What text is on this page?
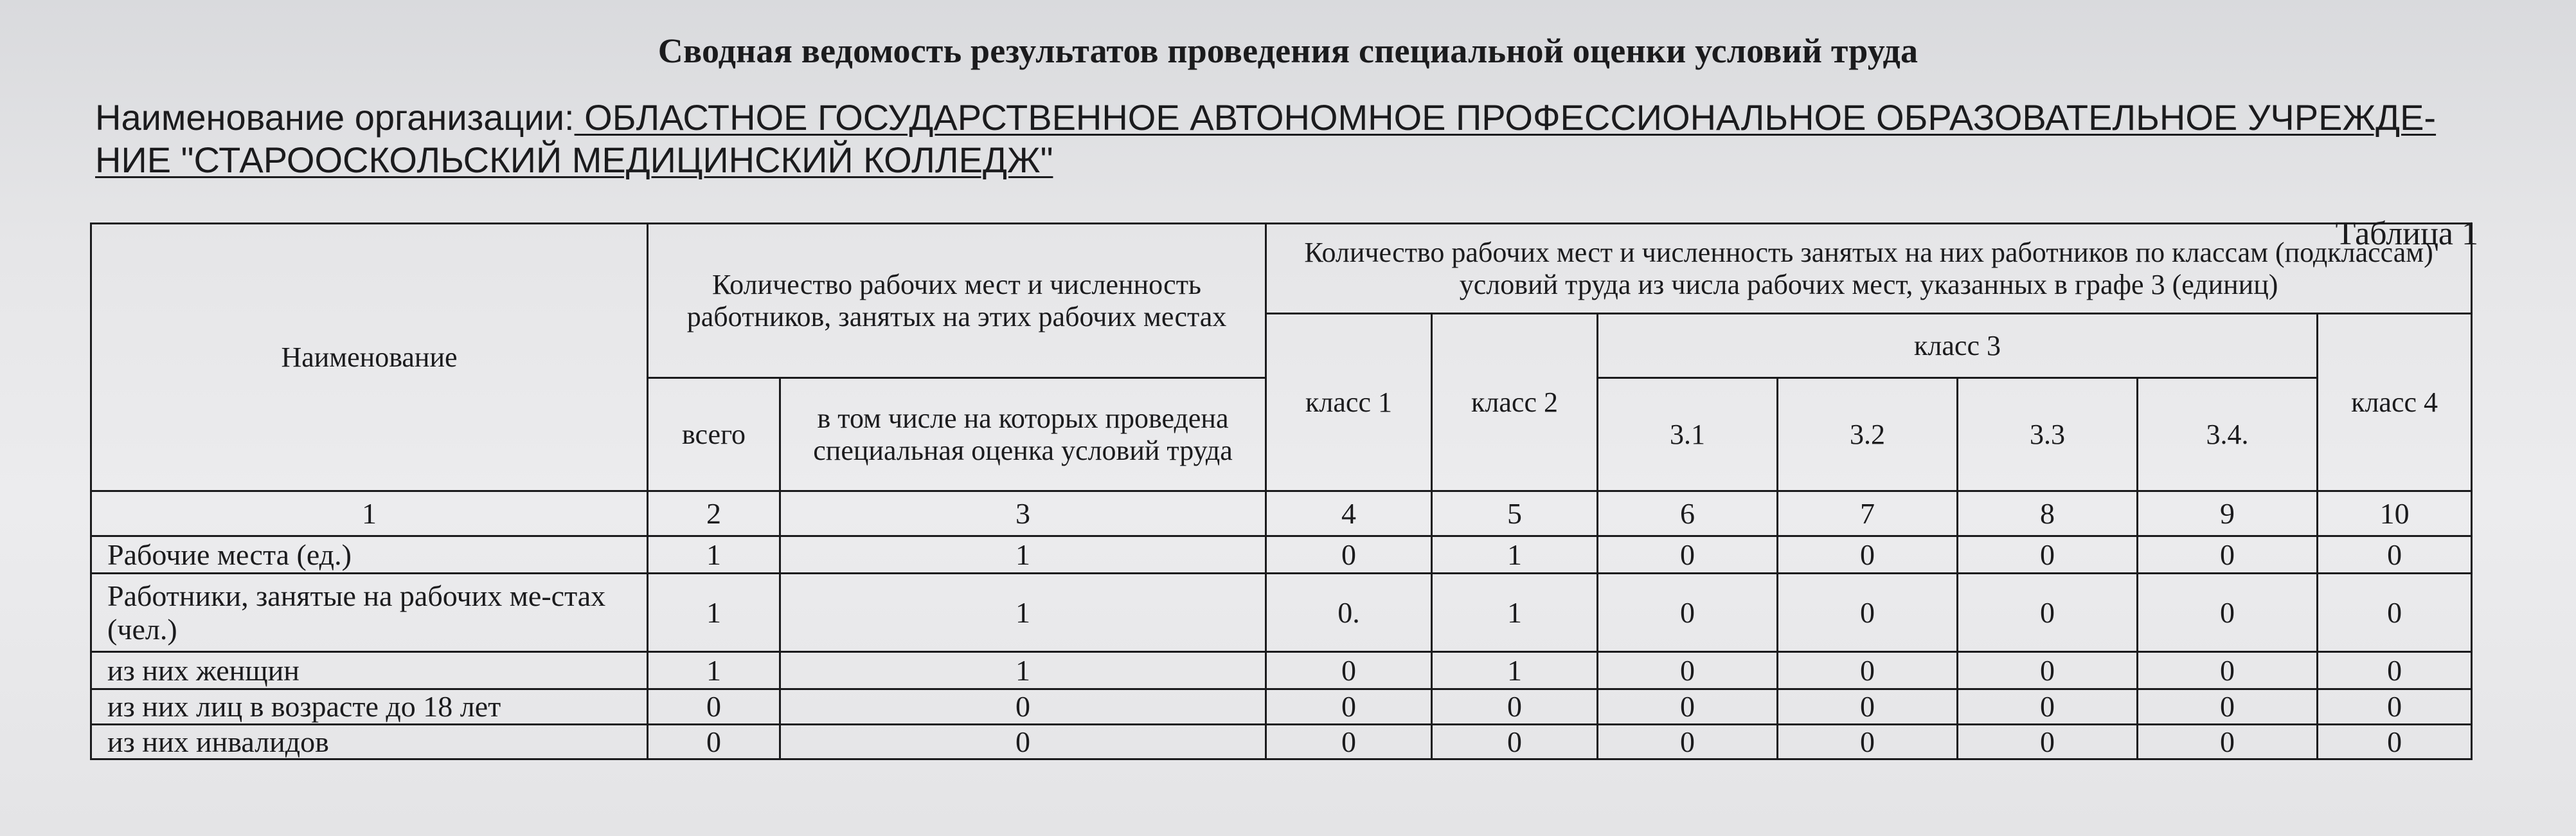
Сводная ведомость результатов проведения специальной оценки условий труда
Наименование организации: ОБЛАСТНОЕ ГОСУДАРСТВЕННОЕ АВТОНОМНОЕ ПРОФЕССИОНАЛЬНОЕ ОБРАЗОВАТЕЛЬНОЕ УЧРЕЖДЕ-НИЕ "СТАРООСКОЛЬСКИЙ МЕДИЦИНСКИЙ КОЛЛЕДЖ"
Таблица 1
Наименование	Количество рабочих мест и численность работников, занятых на этих рабочих местах		Количество рабочих мест и численность занятых на них работников по классам (подклассам) условий труда из числа рабочих мест, указанных в графе 3 (единиц)						
			класс 1	класс 2	класс 3				класс 4
	всего	в том числе на которых проведена специальная оценка условий труда			3.1	3.2	3.3	3.4.	
1	2	3	4	5	6	7	8	9	10
Рабочие места (ед.)	1	1	0	1	0	0	0	0	0
Работники, занятые на рабочих ме-стах (чел.)	1	1	0.	1	0	0	0	0	0
из них женщин	1	1	0	1	0	0	0	0	0
из них лиц в возрасте до 18 лет	0	0	0	0	0	0	0	0	0
из них инвалидов	0	0	0	0	0	0	0	0	0
